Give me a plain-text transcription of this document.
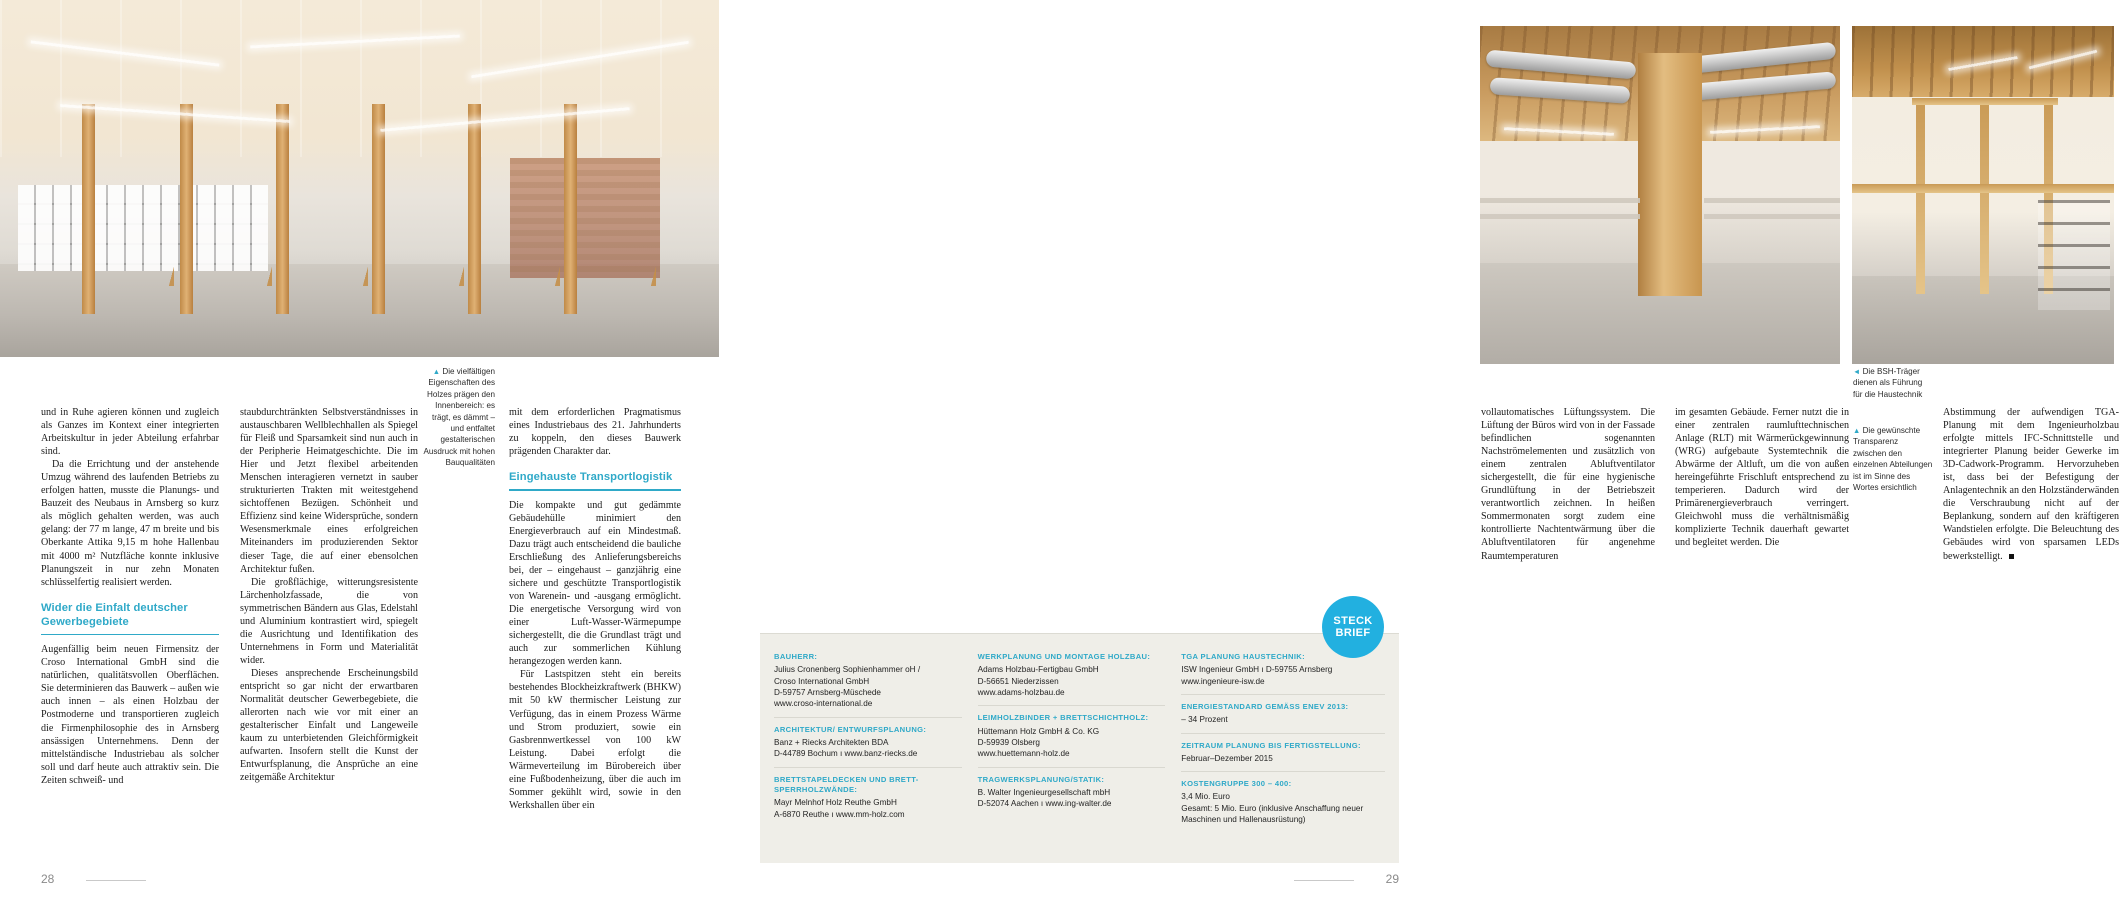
und in Ruhe agieren können und zugleich als Ganzes im Kontext einer integrierten Arbeitskultur in jeder Abteilung erfahrbar sind.

Da die Errichtung und der anstehende Umzug während des laufenden Betriebs zu erfolgen hatten, musste die Planungs- und Bauzeit des Neubaus in Arnsberg so kurz als möglich gehalten werden, was auch gelang: der 77 m lange, 47 m breite und bis Oberkante Attika 9,15 m hohe Hallenbau mit 4000 m² Nutzfläche konnte inklusive Planungszeit in nur zehn Monaten schlüsselfertig realisiert werden.

Wider die Einfalt deutscher Gewerbegebiete

Augenfällig beim neuen Firmensitz der Croso International GmbH sind die natürlichen, qualitätsvollen Oberflächen. Sie determinieren das Bauwerk – außen wie auch innen – als einen Holzbau der Postmoderne und transportieren zugleich die Firmenphilosophie des in Arnsberg ansässigen Unternehmens. Denn der mittelständische Industriebau als solcher soll und darf heute auch attraktiv sein. Die Zeiten schweiß- und

staubdurchtränkten Selbstverständnisses in austauschbaren Wellblechhallen als Spiegel für Fleiß und Sparsamkeit sind nun auch in der Peripherie Heimatgeschichte. Die im Hier und Jetzt flexibel arbeitenden Menschen interagieren vernetzt in sauber strukturierten Trakten mit weitestgehend sichtoffenen Bezügen. Schönheit und Effizienz sind keine Widersprüche, sondern Wesensmerkmale eines erfolgreichen Miteinanders im produzierenden Sektor dieser Tage, die auf einer ebensolchen Architektur fußen.

Die großflächige, witterungsresistente Lärchenholzfassade, die von symmetrischen Bändern aus Glas, Edelstahl und Aluminium kontrastiert wird, spiegelt die Ausrichtung und Identifikation des Unternehmens in Form und Materialität wider.

Dieses ansprechende Erscheinungsbild entspricht so gar nicht der erwartbaren Normalität deutscher Gewerbegebiete, die allerorten nach wie vor mit einer an gestalterischer Einfalt und Langeweile kaum zu unterbietenden Gleichförmigkeit aufwarten. Insofern stellt die Kunst der Entwurfsplanung, die Ansprüche an eine zeitgemäße Architektur

▲ Die vielfältigen Eigenschaften des Holzes prägen den Innenbereich: es trägt, es dämmt – und entfaltet gestalterischen Ausdruck mit hohen Bauqualitäten

mit dem erforderlichen Pragmatismus eines Industriebaus des 21. Jahrhunderts zu koppeln, den dieses Bauwerk prägenden Charakter dar.

Eingehauste Transportlogistik

Die kompakte und gut gedämmte Gebäudehülle minimiert den Energieverbrauch auf ein Mindestmaß. Dazu trägt auch entscheidend die bauliche Erschließung des Anlieferungsbereichs bei, der – eingehaust – ganzjährig eine sichere und geschützte Transportlogistik von Warenein- und -ausgang ermöglicht. Die energetische Versorgung wird von einer Luft-Wasser-Wärmepumpe sichergestellt, die die Grundlast trägt und auch zur sommerlichen Kühlung herangezogen werden kann.

Für Lastspitzen steht ein bereits bestehendes Blockheizkraftwerk (BHKW) mit 50 kW thermischer Leistung zur Verfügung, das in einem Prozess Wärme und Strom produziert, sowie ein Gasbrennwertkessel von 100 kW Leistung. Dabei erfolgt die Wärmeverteilung im Bürobereich über eine Fußbodenheizung, über die auch im Sommer gekühlt wird, sowie in den Werkshallen über ein

28

vollautomatisches Lüftungssystem. Die Lüftung der Büros wird von in der Fassade befindlichen sogenannten Nachströmelementen und zusätzlich von einem zentralen Abluftventilator sichergestellt, die für eine hygienische Grundlüftung in der Betriebszeit verantwortlich zeichnen. In heißen Sommermonaten sorgt zudem eine kontrollierte Nachtentwärmung über die Abluftventilatoren für angenehme Raumtemperaturen

im gesamten Gebäude. Ferner nutzt die in einer zentralen raumlufttechnischen Anlage (RLT) mit Wärmerückgewinnung (WRG) aufgebaute Systemtechnik die Abwärme der Altluft, um die von außen hereingeführte Frischluft entsprechend zu temperieren. Dadurch wird der Primärenergieverbrauch verringert. Gleichwohl muss die verhältnismäßig komplizierte Technik dauerhaft gewartet und begleitet werden. Die

◄ Die BSH-Träger dienen als Führung für die Haustechnik
▲ Die gewünschte Transparenz zwischen den einzelnen Abteilungen ist im Sinne des Wortes ersichtlich

Abstimmung der aufwendigen TGA-Planung mit dem Ingenieurholzbau erfolgte mittels IFC-Schnittstelle und integrierter Planung beider Gewerke im 3D-Cadwork-Programm. Hervorzuheben ist, dass bei der Befestigung der Anlagentechnik an den Holzständerwänden die Verschraubung nicht auf der Beplankung, sondern auf den kräftigeren Wandstielen erfolgte. Die Beleuchtung des Gebäudes wird von sparsamen LEDs bewerkstelligt.

29
BAUHERR:
Julius Cronenberg Sophienhammer oH /
Croso International GmbH
D-59757 Arnsberg-Müschede
www.croso-international.de
ARCHITEKTUR/ ENTWURFSPLANUNG:
Banz + Riecks Architekten BDA
D-44789 Bochum ı www.banz-riecks.de
BRETTSTAPELDECKEN UND BRETT-SPERRHOLZWÄNDE:
Mayr Melnhof Holz Reuthe GmbH
A-6870 Reuthe ı www.mm-holz.com
WERKPLANUNG UND MONTAGE HOLZBAU:
Adams Holzbau-Fertigbau GmbH
D-56651 Niederzissen
www.adams-holzbau.de
LEIMHOLZBINDER + BRETTSCHICHTHOLZ:
Hüttemann Holz GmbH & Co. KG
D-59939 Olsberg
www.huettemann-holz.de
TRAGWERKSPLANUNG/STATIK:
B. Walter Ingenieurgesellschaft mbH
D-52074 Aachen ı www.ing-walter.de
TGA PLANUNG HAUSTECHNIK:
ISW Ingenieur GmbH ı D-59755 Arnsberg
www.ingenieure-isw.de
ENERGIESTANDARD GEMÄSS ENEV 2013:
– 34 Prozent
ZEITRAUM PLANUNG BIS FERTIGSTELLUNG:
Februar–Dezember 2015
KOSTENGRUPPE 300 – 400:
3,4 Mio. Euro
Gesamt: 5 Mio. Euro (inklusive Anschaffung neuer Maschinen und Hallenausrüstung)
STECK
BRIEF
